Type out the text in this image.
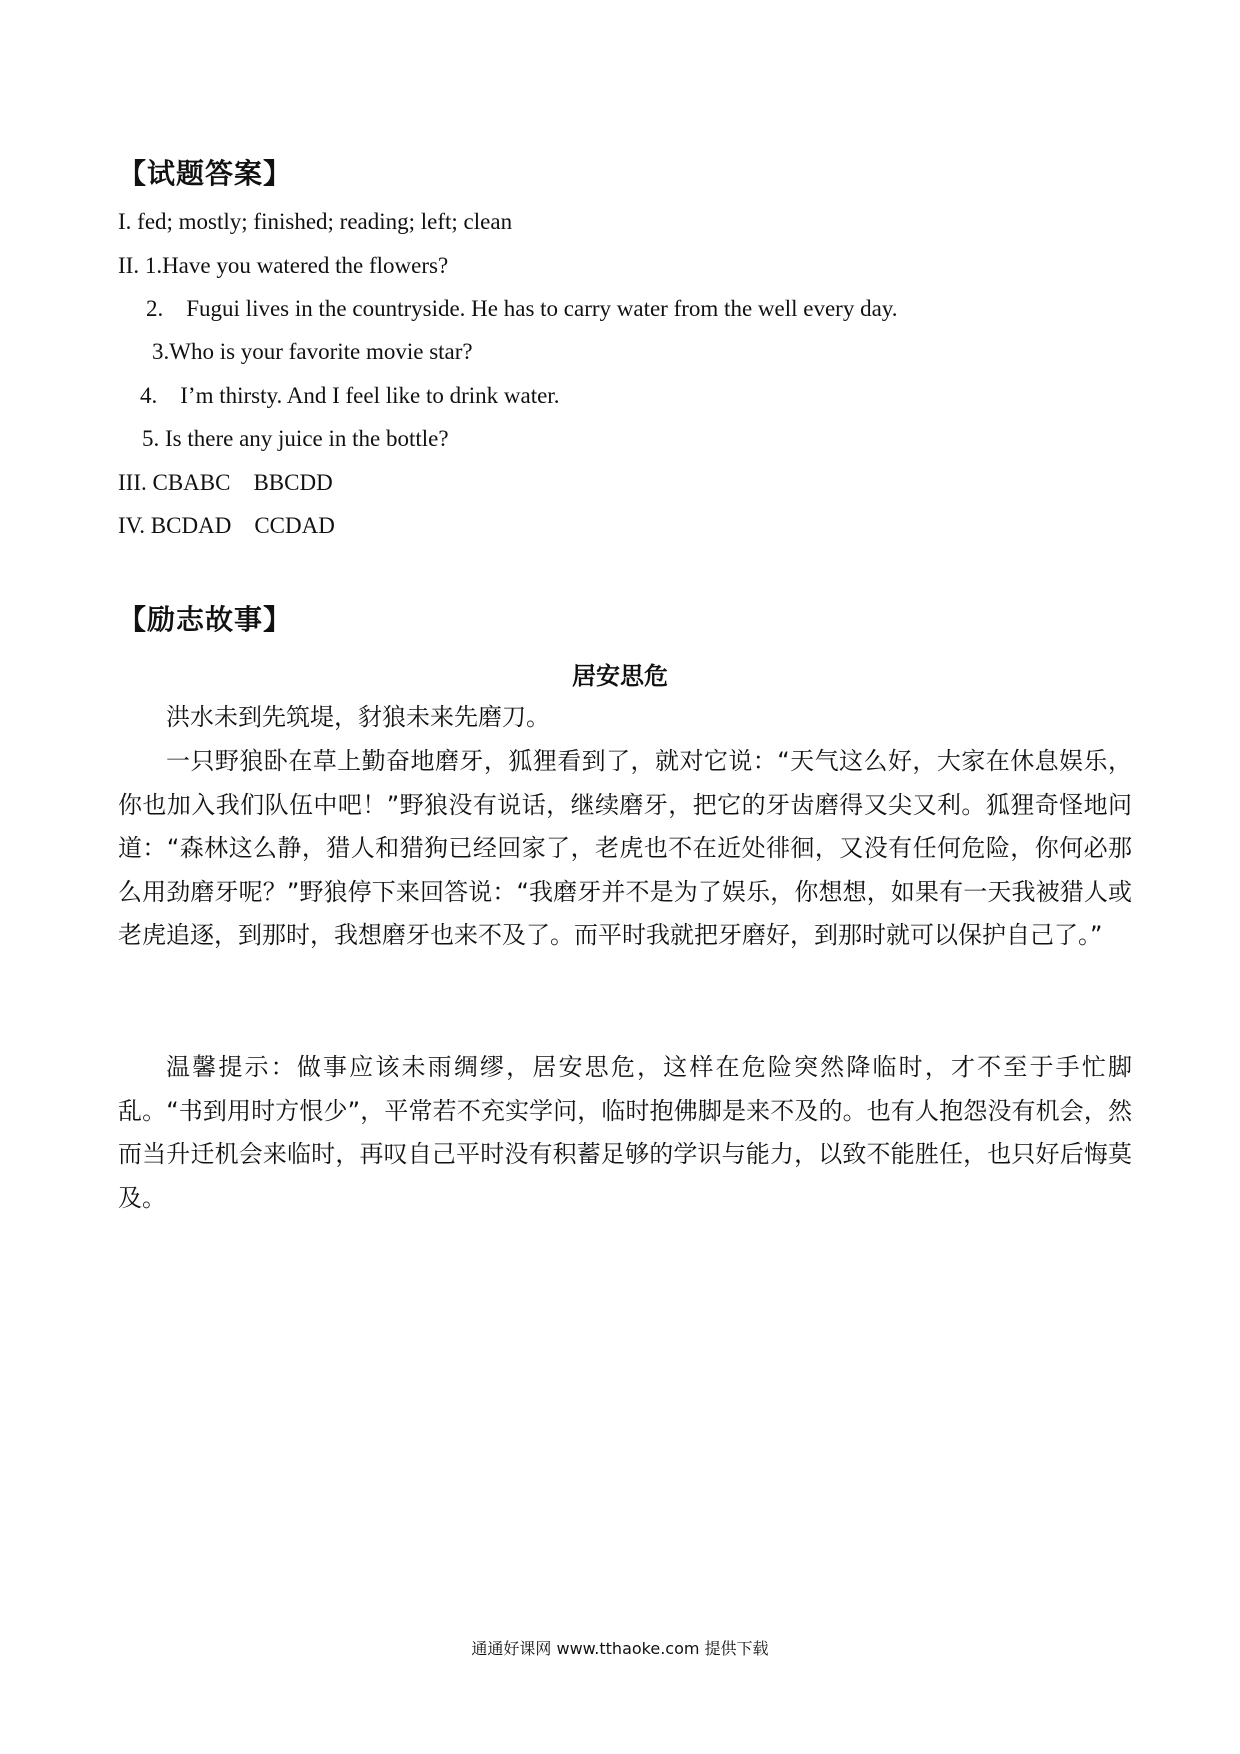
【试题答案】
I. fed; mostly; finished; reading; left; clean
II. 1.Have you watered the flowers?
2.    Fugui lives in the countryside. He has to carry water from the well every day.
3.Who is your favorite movie star?
4.    I’m thirsty. And I feel like to drink water.
5. Is there any juice in the bottle?
III. CBABC    BBCDD
IV. BCDAD    CCDAD
【励志故事】
居安思危

洪水未到先筑堤，豺狼未来先磨刀。

一只野狼卧在草上勤奋地磨牙，狐狸看到了，就对它说：“天气这么好，大家在休息娱乐，你也加入我们队伍中吧！”野狼没有说话，继续磨牙，把它的牙齿磨得又尖又利。狐狸奇怪地问道：“森林这么静，猎人和猎狗已经回家了，老虎也不在近处徘徊，又没有任何危险，你何必那么用劲磨牙呢？”野狼停下来回答说：“我磨牙并不是为了娱乐，你想想，如果有一天我被猎人或老虎追逐，到那时，我想磨牙也来不及了。而平时我就把牙磨好，到那时就可以保护自己了。”

温馨提示：做事应该未雨绸缪，居安思危，这样在危险突然降临时，才不至于手忙脚乱。“书到用时方恨少”，平常若不充实学问，临时抱佛脚是来不及的。也有人抱怨没有机会，然而当升迁机会来临时，再叹自己平时没有积蓄足够的学识与能力，以致不能胜任，也只好后悔莫及。

通通好课网 www.tthaoke.com 提供下载
